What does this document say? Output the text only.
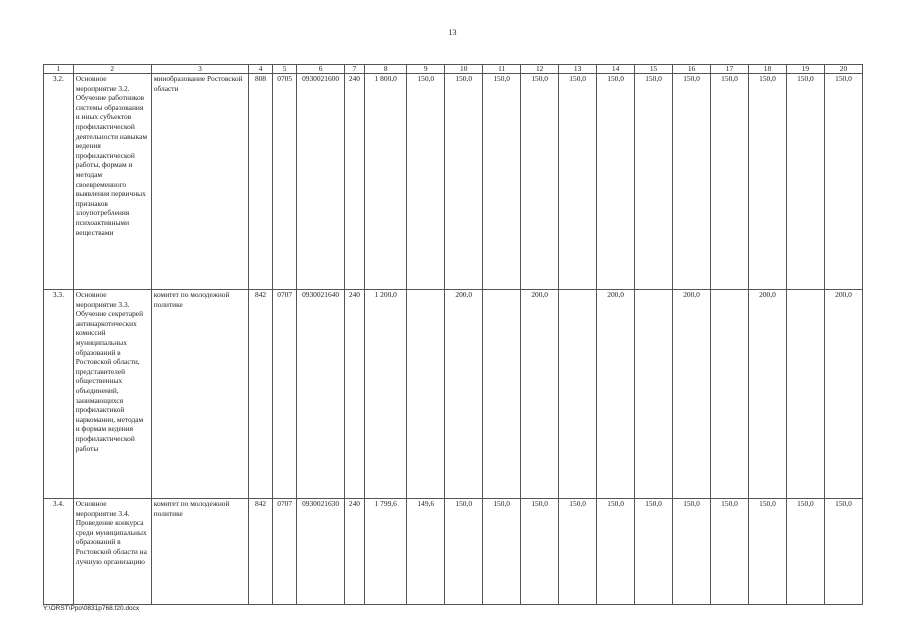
13
1	2	3	4	5	6	7	8	9	10	11	12	13	14	15	16	17	18	19	20
3.2.	Основное мероприятие 3.2. Обучение работников системы образования и иных субъектов профилактической деятельности навыкам ведения профилактической работы, формам и методам своевременного выявления первичных признаков злоупотребления психоактивными веществами	минобразование Ростовской области	808	0705	0930021600	240	1 800,0	150,0	150,0	150,0	150,0	150,0	150,0	150,0	150,0	150,0	150,0	150,0	150,0
3.3.	Основное мероприятие 3.3. Обучение секретарей антинаркотических комиссий муниципальных образований в Ростовской области, представителей общественных объединений, занимающихся профилактикой наркомании, методам и формам ведения профилактической работы	комитет по молодежной политике	842	0707	0930021640	240	1 200,0		200,0		200,0		200,0		200,0		200,0		200,0
3.4.	Основное мероприятие 3.4. Проведение конкурса среди муниципальных образований в Ростовской области на лучшую организацию	комитет по молодежной политике	842	0707	0930021630	240	1 799,6	149,6	150,0	150,0	150,0	150,0	150,0	150,0	150,0	150,0	150,0	150,0	150,0
Y:\ORST\Ppo\0831p768.f20.docx
